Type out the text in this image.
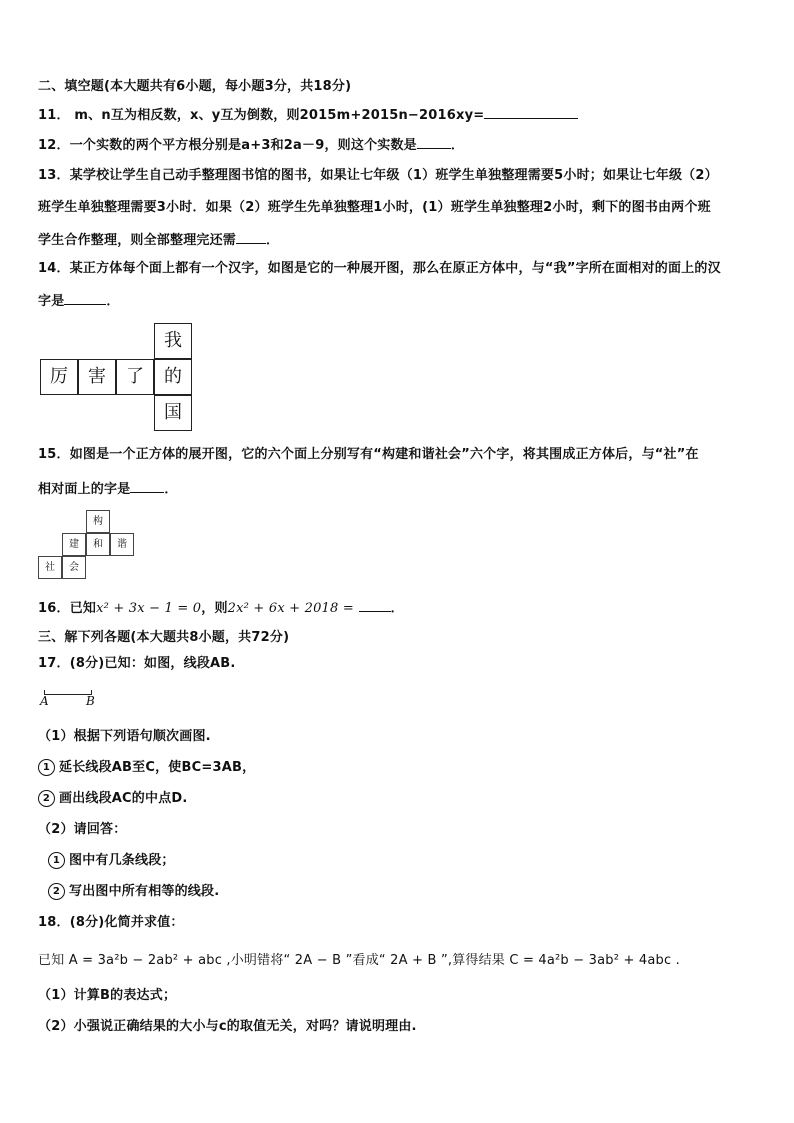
二、填空题(本大题共有6小题，每小题3分，共18分)
11． m、n互为相反数，x、y互为倒数，则2015m+2015n−2016xy=
12．一个实数的两个平方根分别是a+3和2a－9，则这个实数是	．
13．某学校让学生自己动手整理图书馆的图书，如果让七年级（1）班学生单独整理需要5小时；如果让七年级（2）
班学生单独整理需要3小时．如果（2）班学生先单独整理1小时，(1）班学生单独整理2小时，剩下的图书由两个班
学生合作整理，则全部整理完还需 ．
14．某正方体每个面上都有一个汉字，如图是它的一种展开图，那么在原正方体中，与“我”字所在面相对的面上的汉
字是	．
我
厉	害	了	的
国
15．如图是一个正方体的展开图，它的六个面上分别写有“构建和谐社会”六个字，将其围成正方体后，与“社”在
相对面上的字是	．
构
建	和	谐
社	会
16．已知x² + 3x − 1 = 0，则2x² + 6x + 2018 =	．
三、解下列各题(本大题共8小题，共72分)
17．(8分)已知：如图，线段AB.
A	B
（1）根据下列语句顺次画图.
1 延长线段AB至C，使BC=3AB，
2 画出线段AC的中点D.
（2）请回答：
1 图中有几条线段；
2 写出图中所有相等的线段.
18．(8分)化简并求值：
已知 A = 3a²b − 2ab² + abc ,小明错将“ 2A − B ”看成“ 2A + B ”,算得结果 C = 4a²b − 3ab² + 4abc .
（1）计算B的表达式；
（2）小强说正确结果的大小与c的取值无关，对吗？请说明理由.
